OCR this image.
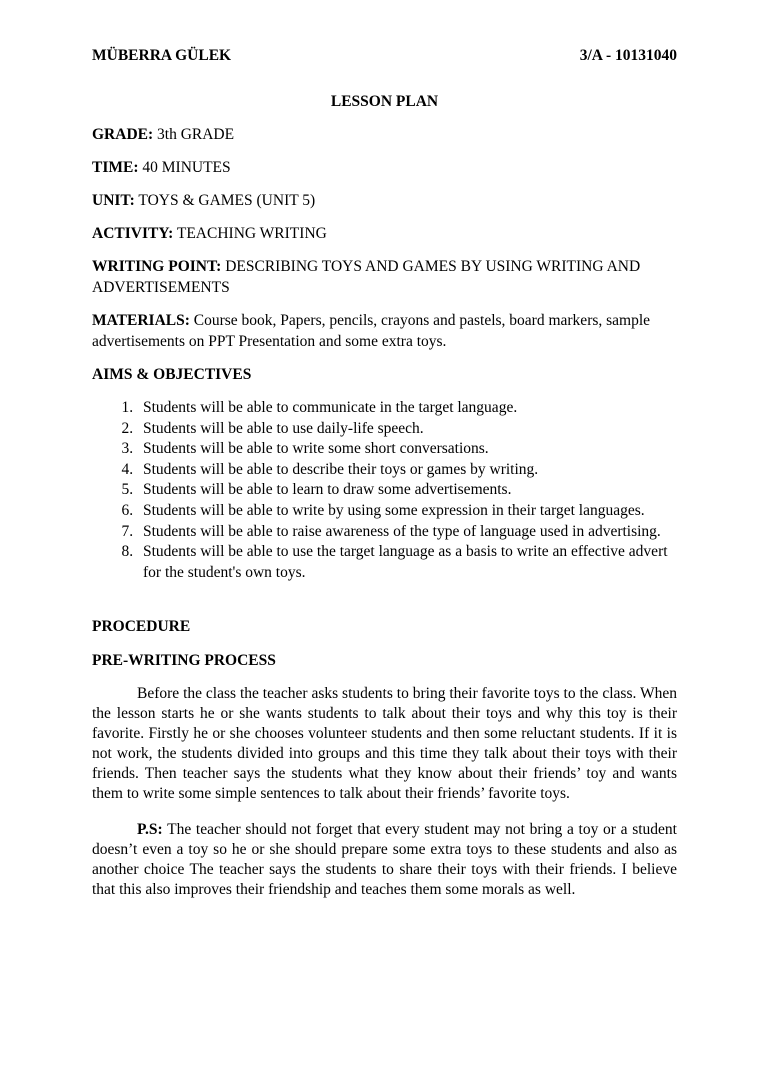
MÜBERRA GÜLEK	3/A - 10131040
LESSON PLAN

GRADE: 3th GRADE

TIME: 40 MINUTES

UNIT: TOYS & GAMES (UNIT 5)

ACTIVITY: TEACHING WRITING

WRITING POINT: DESCRIBING TOYS AND GAMES BY USING WRITING AND ADVERTISEMENTS

MATERIALS: Course book, Papers, pencils, crayons and pastels, board markers, sample advertisements on PPT Presentation and some extra toys.

AIMS & OBJECTIVES
1. Students will be able to communicate in the target language.
2. Students will be able to use daily-life speech.
3. Students will be able to write some short conversations.
4. Students will be able to describe their toys or games by writing.
5. Students will be able to learn to draw some advertisements.
6. Students will be able to write by using some expression in their target languages.
7. Students will be able to raise awareness of the type of language used in advertising.
8. Students will be able to use the target language as a basis to write an effective advert for the student's own toys.
PROCEDURE
PRE-WRITING PROCESS

Before the class the teacher asks students to bring their favorite toys to the class. When the lesson starts he or she wants students to talk about their toys and why this toy is their favorite. Firstly he or she chooses volunteer students and then some reluctant students. If it is not work, the students divided into groups and this time they talk about their toys with their friends. Then teacher says the students what they know about their friends’ toy and wants them to write some simple sentences to talk about their friends’ favorite toys.

P.S: The teacher should not forget that every student may not bring a toy or a student doesn’t even a toy so he or she should prepare some extra toys to these students and also as another choice The teacher says the students to share their toys with their friends. I believe that this also improves their friendship and teaches them some morals as well.
